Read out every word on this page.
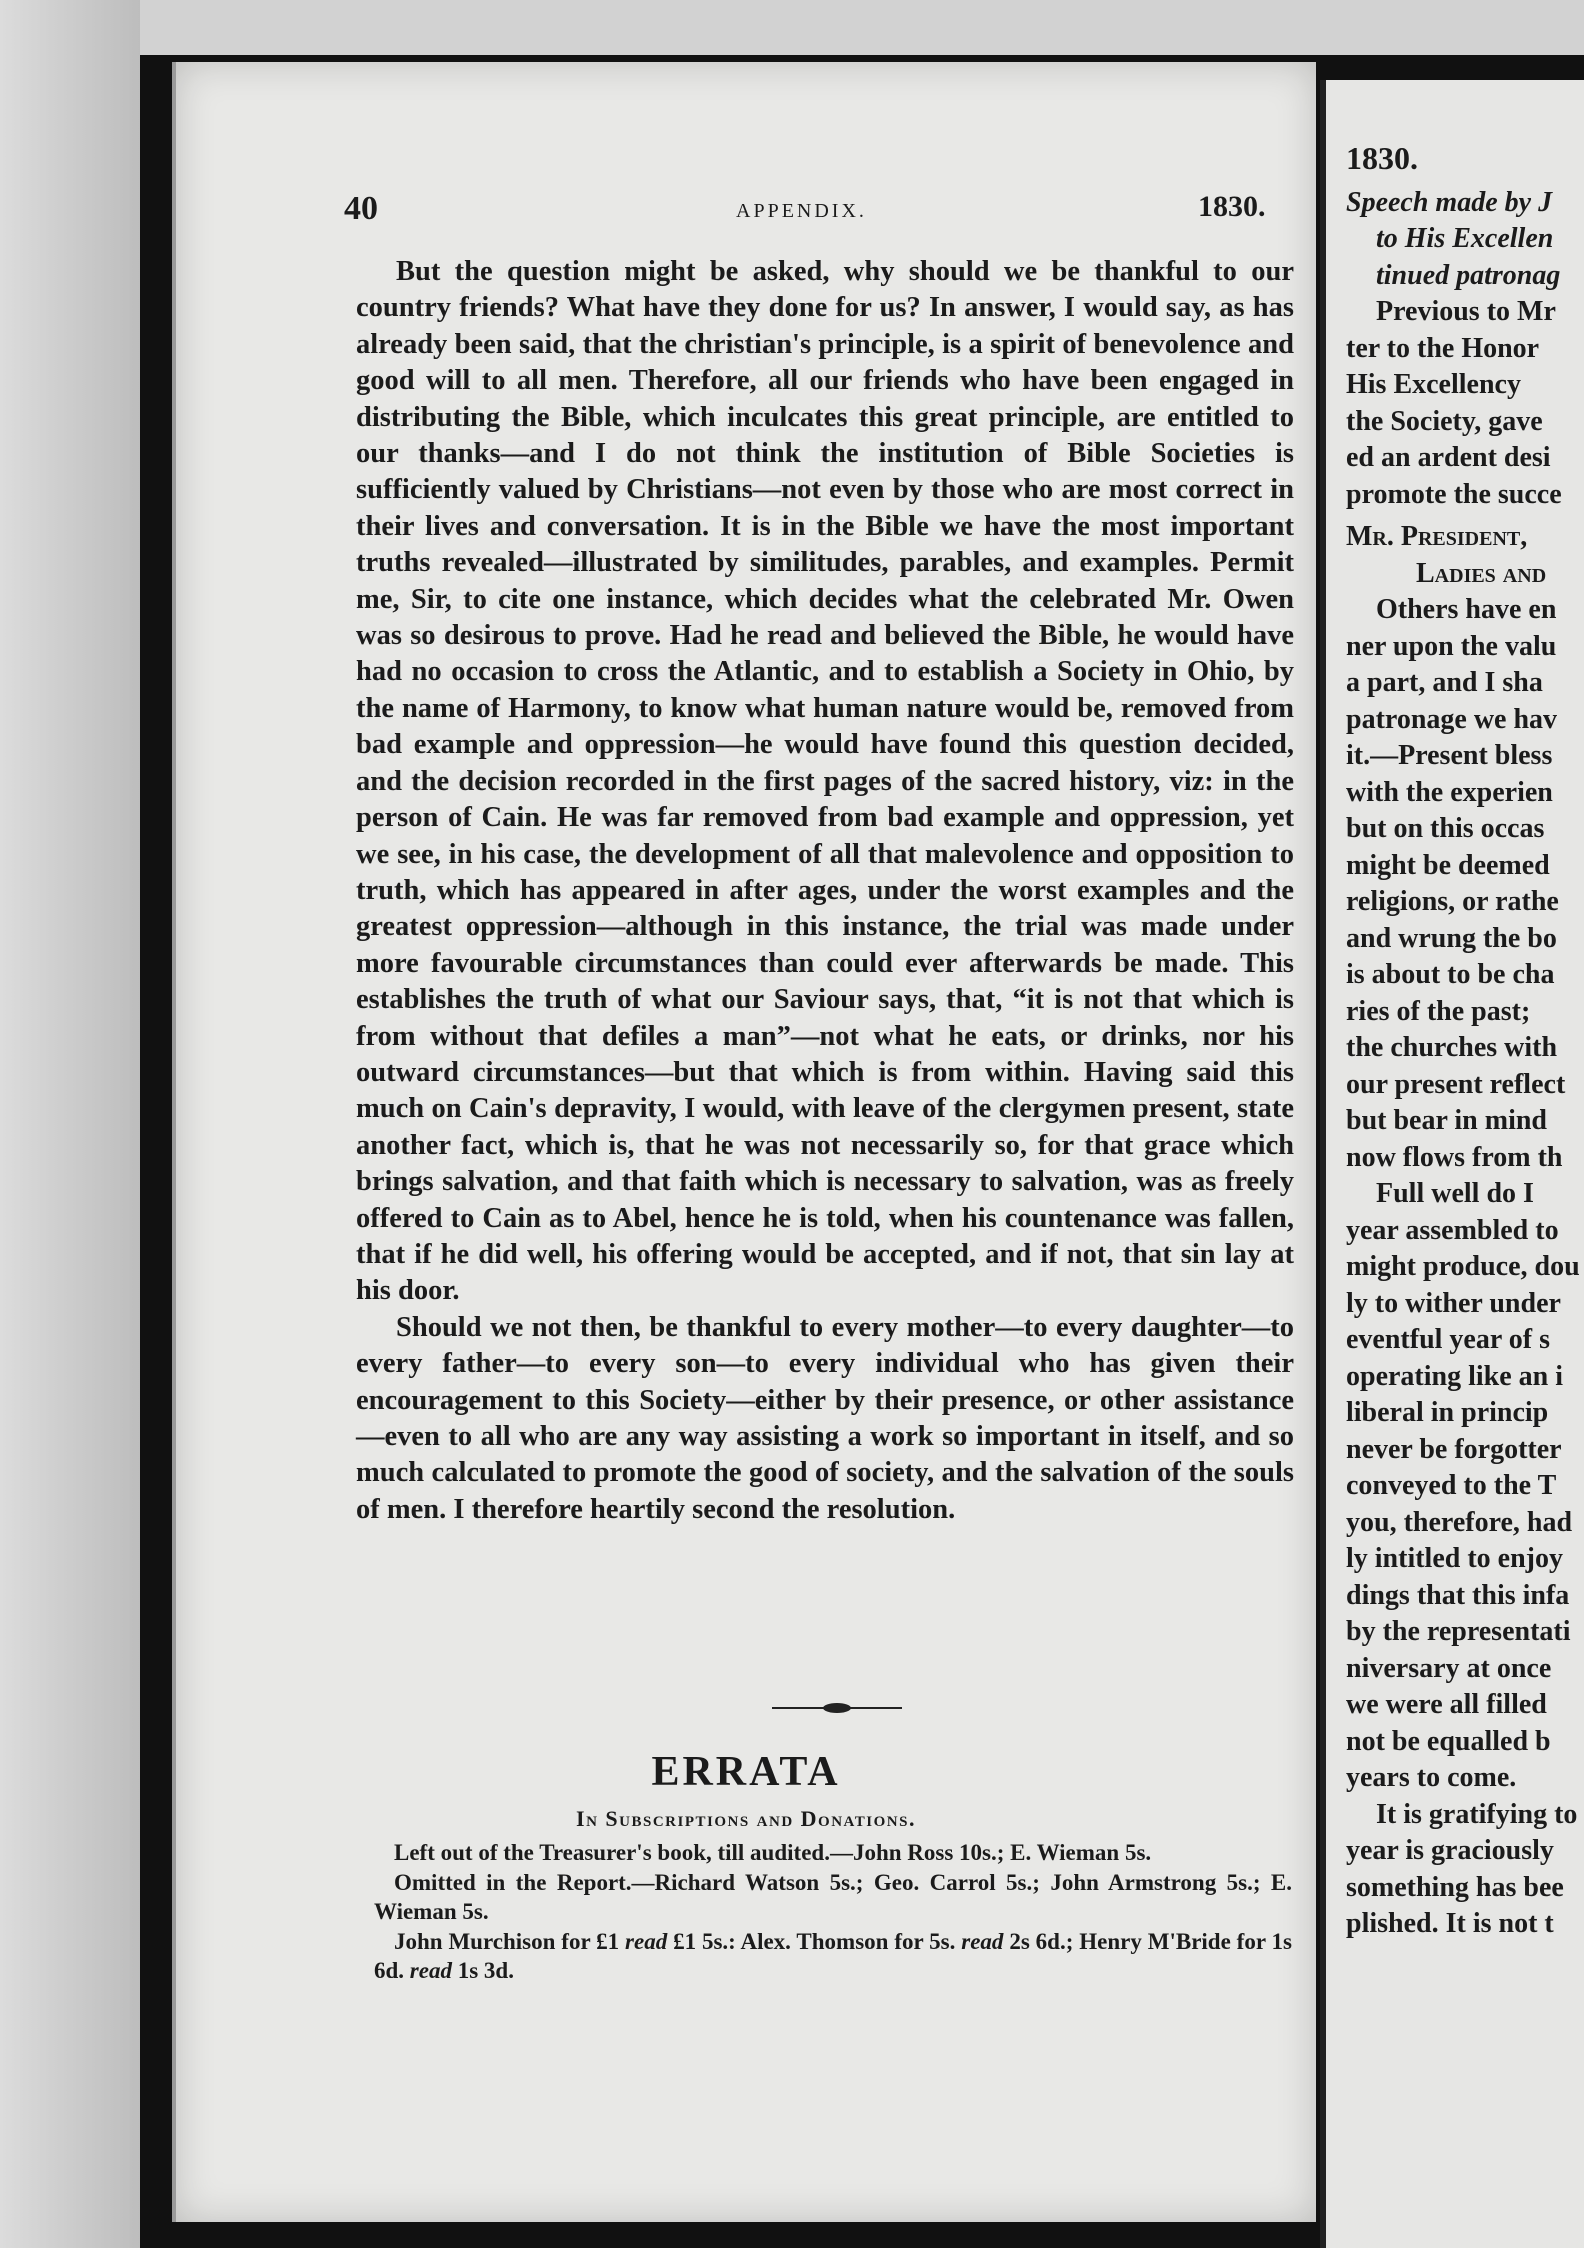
40	APPENDIX.	1830.

But the question might be asked, why should we be thankful to our country friends? What have they done for us? In answer, I would say, as has already been said, that the christian's principle, is a spirit of benevolence and good will to all men. Therefore, all our friends who have been engaged in distributing the Bible, which inculcates this great principle, are entitled to our thanks—and I do not think the institution of Bible Societies is sufficiently valued by Christians—not even by those who are most correct in their lives and conversation. It is in the Bible we have the most important truths revealed—illustrated by similitudes, parables, and examples. Permit me, Sir, to cite one instance, which decides what the celebrated Mr. Owen was so desirous to prove. Had he read and believed the Bible, he would have had no occasion to cross the Atlantic, and to establish a Society in Ohio, by the name of Harmony, to know what human nature would be, removed from bad example and oppression—he would have found this question decided, and the decision recorded in the first pages of the sacred history, viz: in the person of Cain. He was far removed from bad example and oppression, yet we see, in his case, the development of all that malevolence and opposition to truth, which has appeared in after ages, under the worst examples and the greatest oppression—although in this instance, the trial was made under more favourable circumstances than could ever afterwards be made. This establishes the truth of what our Saviour says, that, “it is not that which is from without that defiles a man”—not what he eats, or drinks, nor his outward circumstances—but that which is from within. Having said this much on Cain's depravity, I would, with leave of the clergymen present, state another fact, which is, that he was not necessarily so, for that grace which brings salvation, and that faith which is necessary to salvation, was as freely offered to Cain as to Abel, hence he is told, when his countenance was fallen, that if he did well, his offering would be accepted, and if not, that sin lay at his door.

Should we not then, be thankful to every mother—to every daughter—to every father—to every son—to every individual who has given their encouragement to this Society—either by their presence, or other assistance—even to all who are any way assisting a work so important in itself, and so much calculated to promote the good of society, and the salvation of the souls of men. I therefore heartily second the resolution.

ERRATA
In Subscriptions and Donations.

Left out of the Treasurer's book, till audited.—John Ross 10s.; E. Wieman 5s.

Omitted in the Report.—Richard Watson 5s.; Geo. Carrol 5s.; John Armstrong 5s.; E. Wieman 5s.

John Murchison for £1 read £1 5s.: Alex. Thomson for 5s. read 2s 6d.; Henry M'Bride for 1s 6d. read 1s 3d.

1830.
Speech made by J
to His Excellen
tinued patronag
Previous to Mr
ter to the Honor
His Excellency
the Society, gave
ed an ardent desi
promote the succe
Mr. President,
Ladies and
Others have en
ner upon the valu
a part, and I sha
patronage we hav
it.—Present bless
with the experien
but on this occas
might be deemed
religions, or rathe
and wrung the bo
is about to be cha
ries of the past;
the churches with
our present reflect
but bear in mind
now flows from th
Full well do I
year assembled to
might produce, dou
ly to wither under
eventful year of s
operating like an i
liberal in princip
never be forgotter
conveyed to the T
you, therefore, had
ly intitled to enjoy
dings that this infa
by the representati
niversary at once
we were all filled
not be equalled b
years to come.
It is gratifying to
year is graciously
something has bee
plished. It is not t
